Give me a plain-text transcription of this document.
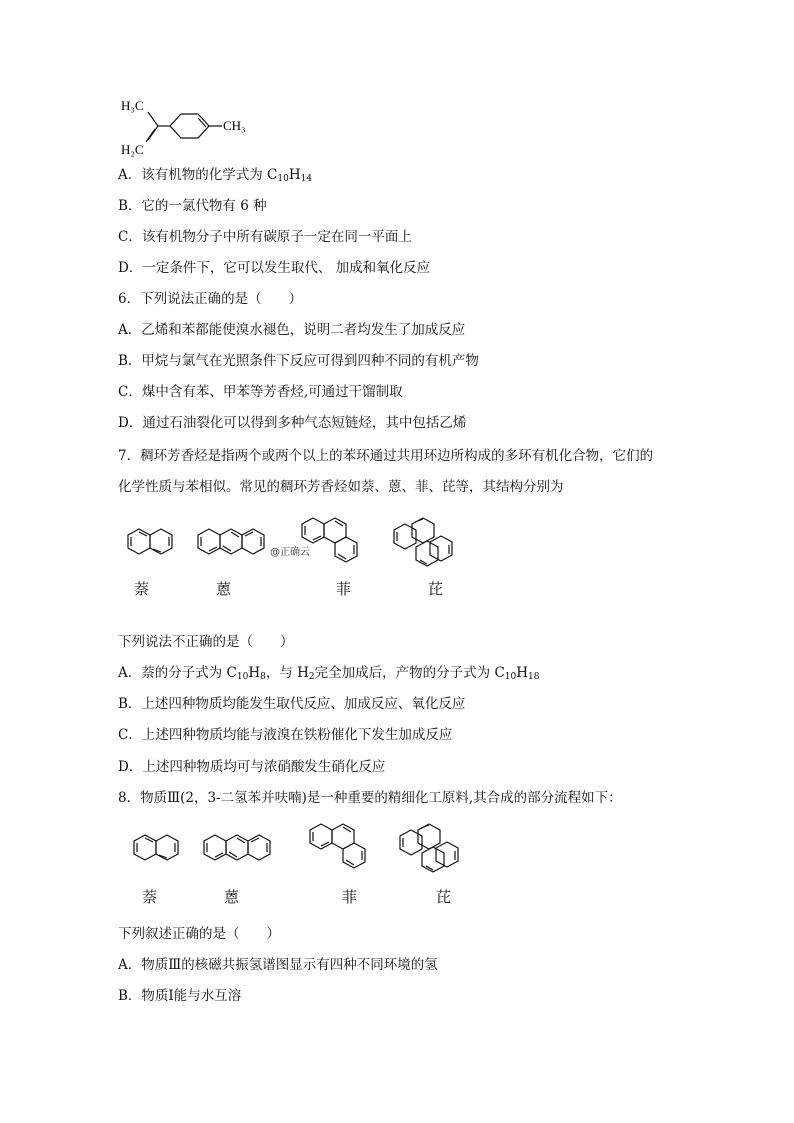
H₃C
H₂C
CH₃
A．该有机物的化学式为 $C_{10}H_{14}$
B．它的一氯代物有 6 种
C．该有机物分子中所有碳原子一定在同一平面上
D．一定条件下，它可以发生取代、 加成和氧化反应
6．下列说法正确的是（　　）
A．乙烯和苯都能使溴水褪色，说明二者均发生了加成反应
B．甲烷与氯气在光照条件下反应可得到四种不同的有机产物
C．煤中含有苯、甲苯等芳香烃,可通过干馏制取
D．通过石油裂化可以得到多种气态短链烃，其中包括乙烯
7．稠环芳香烃是指两个或两个以上的苯环通过共用环边所构成的多环有机化合物，它们的
化学性质与苯相似。常见的稠环芳香烃如萘、蒽、菲、芘等，其结构分别为
@正确云
萘	蒽	菲	芘
下列说法不正确的是（　　）
A．萘的分子式为 $C_{10}H_8$，与 $H_2$完全加成后，产物的分子式为 $C_{10}H_{18}$
B．上述四种物质均能发生取代反应、加成反应、氧化反应
C．上述四种物质均能与液溴在铁粉催化下发生加成反应
D．上述四种物质均可与浓硝酸发生硝化反应
8．物质Ⅲ(2，3-二氢苯并呋喃)是一种重要的精细化工原料,其合成的部分流程如下：
萘	蒽	菲	芘
下列叙述正确的是（　　）
A．物质Ⅲ的核磁共振氢谱图显示有四种不同环境的氢
B．物质Ⅰ能与水互溶
